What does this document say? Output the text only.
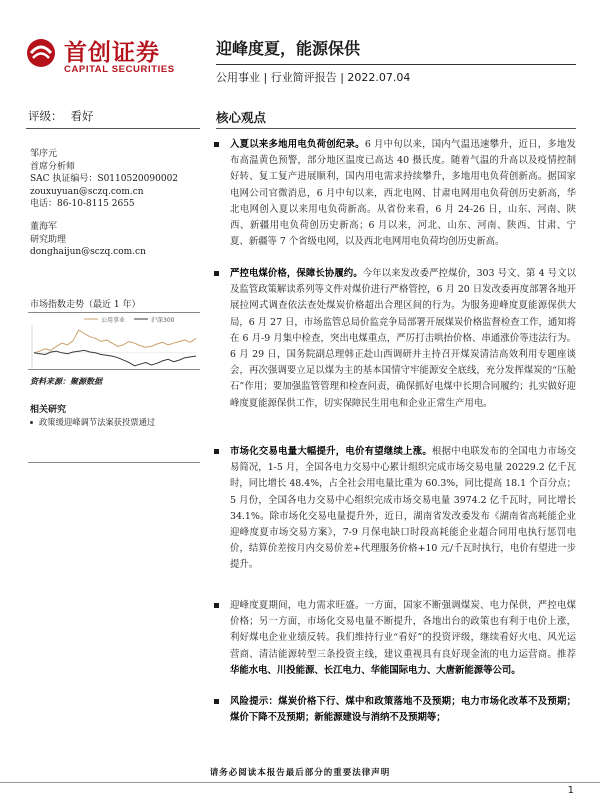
首创证券
CAPITAL SECURITIES
迎峰度夏，能源保供
公用事业 | 行业简评报告 | 2022.07.04
评级： 看好	核心观点
邹序元
首席分析师
SAC 执证编号：S0110520090002
zouxuyuan@sczq.com.cn
电话：86-10-8115 2655
董海军
研究助理
donghaijun@sczq.com.cn
市场指数走势（最近 1 年）
公用事业	沪深300
资料来源：聚源数据
相关研究
政策缓迎峰调节法案获投票通过
入夏以来多地用电负荷创纪录。6 月中旬以来，国内气温迅速攀升，近日，多地发布高温黄色预警，部分地区温度已高达 40 摄氏度。随着气温的升高以及疫情控制好转、复工复产进展顺利，国内用电需求持续攀升，多地用电负荷创新高。据国家电网公司官微消息，6 月中旬以来，西北电网、甘肃电网用电负荷创历史新高，华北电网创入夏以来用电负荷新高。从省份来看，6 月 24-26 日，山东、河南、陕西、新疆用电负荷创历史新高；6 月以来，河北、山东、河南、陕西、甘肃、宁夏、新疆等 7 个省级电网，以及西北电网用电负荷均创历史新高。
严控电煤价格，保障长协履约。今年以来发改委严控煤价，303 号文、第 4 号文以及监管政策解读系列等文件对煤价进行严格管控，6 月 20 日发改委再度部署各地开展拉网式调查依法查处煤炭价格超出合理区间的行为。为服务迎峰度夏能源保供大局，6 月 27 日，市场监管总局价监竞争局部署开展煤炭价格监督检查工作，通知将在 6 月-9 月集中检查，突出电煤重点，严厉打击哄抬价格、串通涨价等违法行为。6 月 29 日，国务院副总理韩正赴山西调研并主持召开煤炭清洁高效利用专题座谈会，再次强调要立足以煤为主的基本国情守牢能源安全底线，充分发挥煤炭的“压舱石”作用；要加强监管管理和检查问责，确保抓好电煤中长期合同履约；扎实做好迎峰度夏能源保供工作，切实保障民生用电和企业正常生产用电。
市场化交易电量大幅提升，电价有望继续上涨。根据中电联发布的全国电力市场交易简况，1-5 月，全国各电力交易中心累计组织完成市场交易电量 20229.2 亿千瓦时，同比增长 48.4%，占全社会用电量比重为 60.3%，同比提高 18.1 个百分点；5 月份，全国各电力交易中心组织完成市场交易电量 3974.2 亿千瓦时，同比增长 34.1%。除市场化交易电量提升外，近日，湖南省发改委发布《湖南省高耗能企业迎峰度夏市场交易方案》，7-9 月保电缺口时段高耗能企业超合同用电执行惩罚电价，结算价差按月内交易价差+代理服务价格+10 元/千瓦时执行，电价有望进一步提升。
迎峰度夏期间，电力需求旺盛。一方面，国家不断强调煤炭、电力保供，严控电煤价格；另一方面，市场化交易电量不断提升，各地出台的政策也有利于电价上涨，利好煤电企业业绩反转。我们维持行业“看好”的投资评级，继续看好火电、风光运营商、清洁能源转型三条投资主线，建议重视具有良好现金流的电力运营商。推荐华能水电、川投能源、长江电力、华能国际电力、大唐新能源等公司。
风险提示：煤炭价格下行、煤中和政策落地不及预期；电力市场化改革不及预期；煤价下降不及预期；新能源建设与消纳不及预期等；
请务必阅读本报告最后部分的重要法律声明
1
